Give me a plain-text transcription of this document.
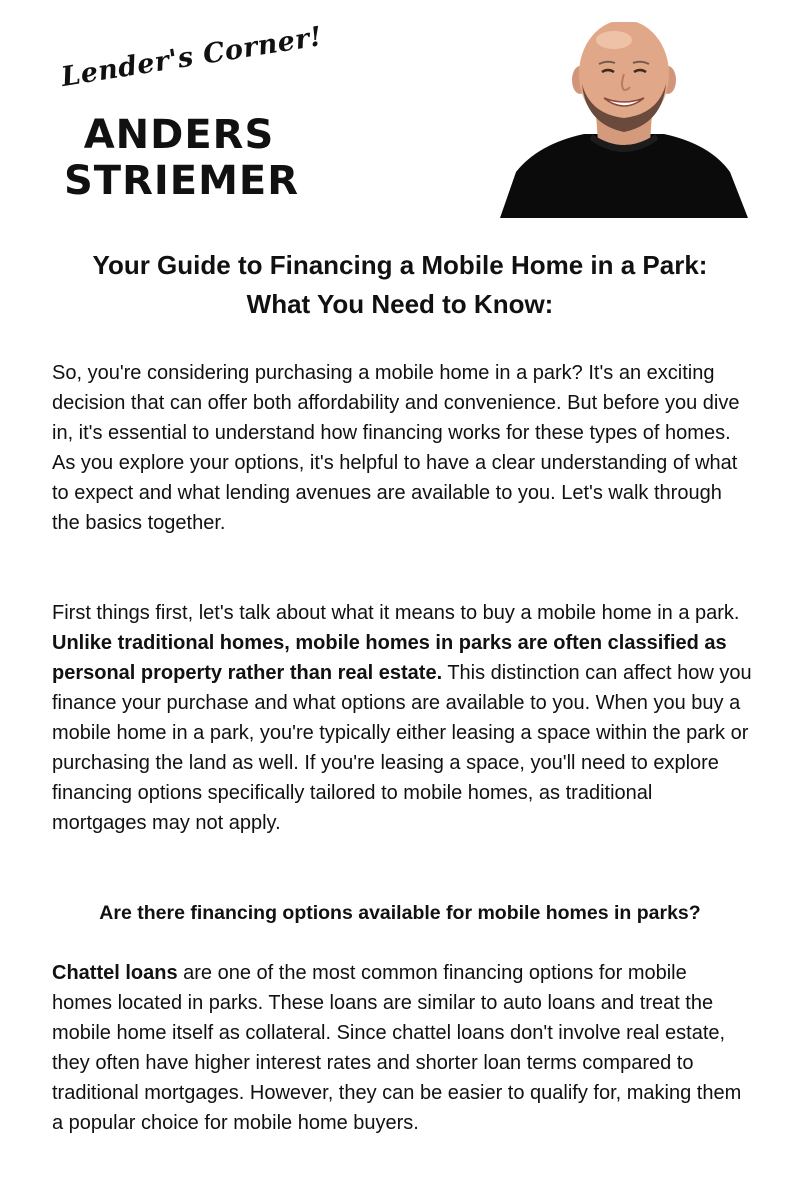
Lender's Corner!
ANDERS
STRIEMER
Your Guide to Financing a Mobile Home in a Park:
What You Need to Know:

So, you're considering purchasing a mobile home in a park? It's an exciting decision that can offer both affordability and convenience. But before you dive in, it's essential to understand how financing works for these types of homes. As you explore your options, it's helpful to have a clear understanding of what to expect and what lending avenues are available to you. Let's walk through the basics together.

First things first, let's talk about what it means to buy a mobile home in a park. Unlike traditional homes, mobile homes in parks are often classified as personal property rather than real estate. This distinction can affect how you finance your purchase and what options are available to you. When you buy a mobile home in a park, you're typically either leasing a space within the park or purchasing the land as well. If you're leasing a space, you'll need to explore financing options specifically tailored to mobile homes, as traditional mortgages may not apply.

Are there financing options available for mobile homes in parks?

Chattel loans are one of the most common financing options for mobile homes located in parks. These loans are similar to auto loans and treat the mobile home itself as collateral. Since chattel loans don't involve real estate, they often have higher interest rates and shorter loan terms compared to traditional mortgages. However, they can be easier to qualify for, making them a popular choice for mobile home buyers.
